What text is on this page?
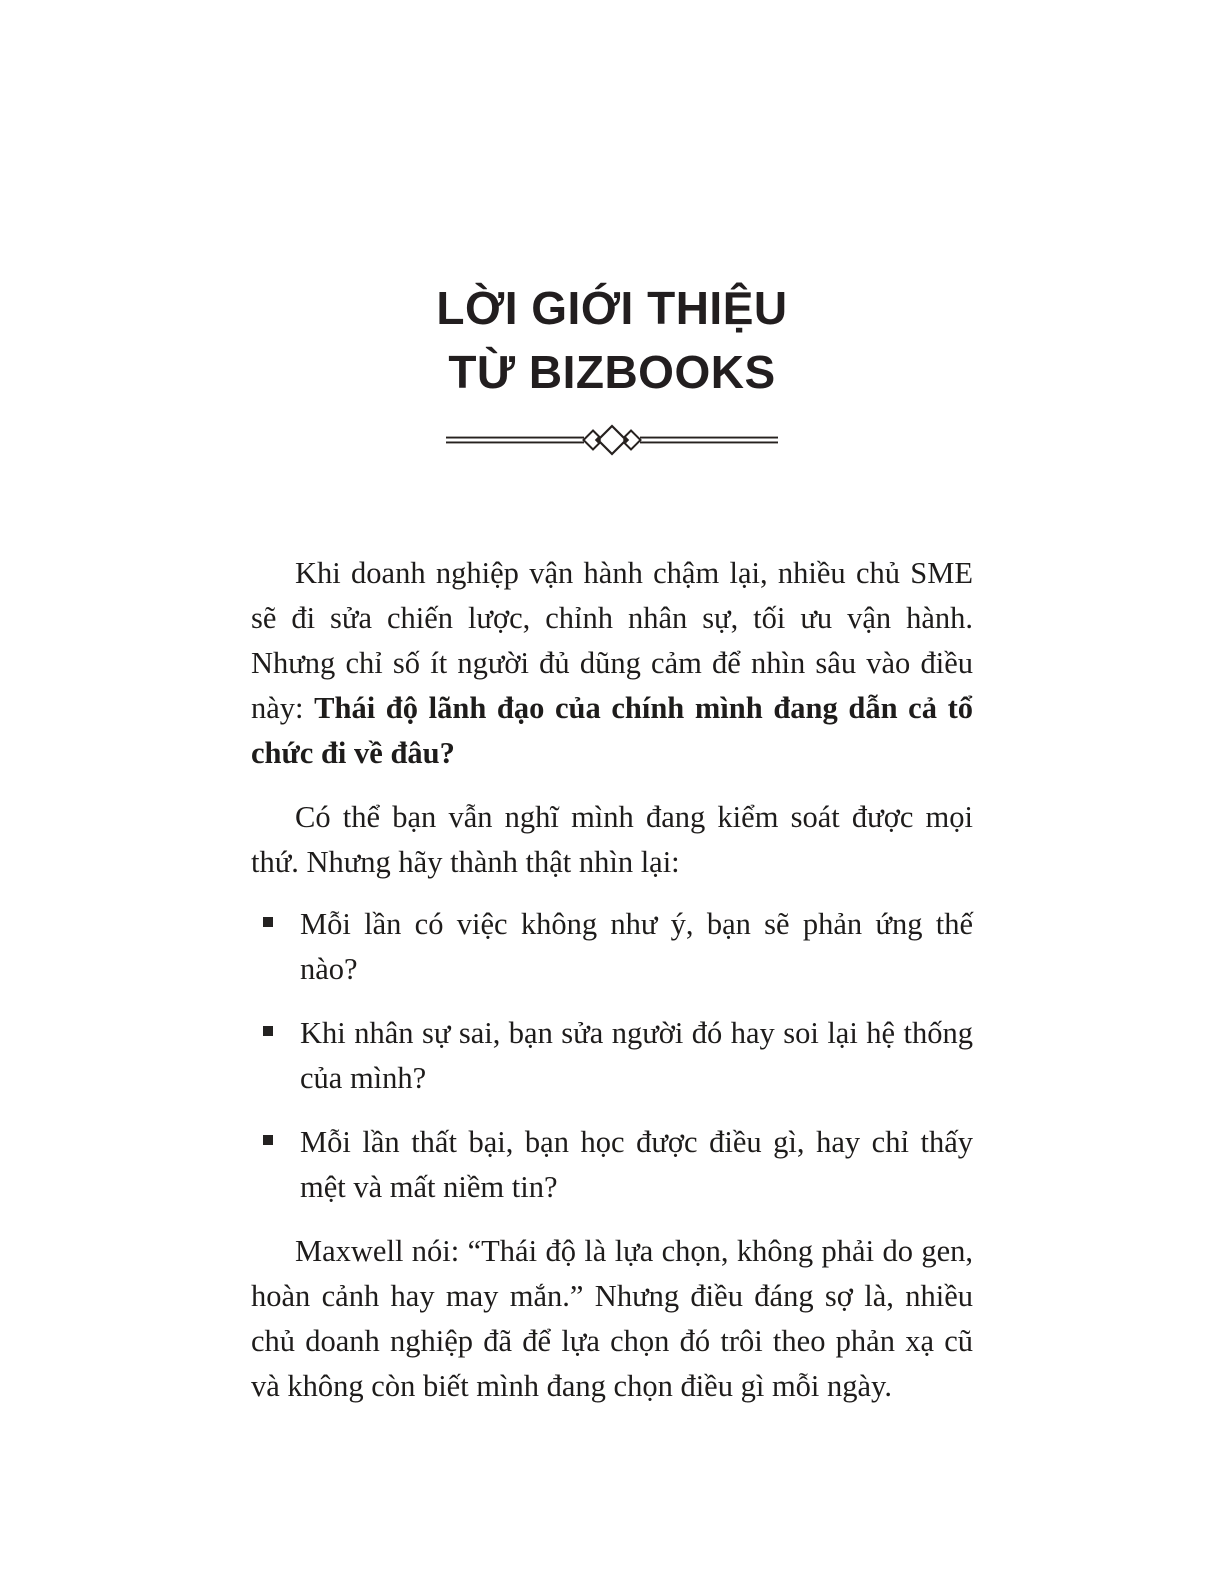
LỜI GIỚI THIỆU
TỪ BIZBOOKS

Khi doanh nghiệp vận hành chậm lại, nhiều chủ SME sẽ đi sửa chiến lược, chỉnh nhân sự, tối ưu vận hành. Nhưng chỉ số ít người đủ dũng cảm để nhìn sâu vào điều này: Thái độ lãnh đạo của chính mình đang dẫn cả tổ chức đi về đâu?

Có thể bạn vẫn nghĩ mình đang kiểm soát được mọi thứ. Nhưng hãy thành thật nhìn lại:

Mỗi lần có việc không như ý, bạn sẽ phản ứng thế nào?
Khi nhân sự sai, bạn sửa người đó hay soi lại hệ thống của mình?
Mỗi lần thất bại, bạn học được điều gì, hay chỉ thấy mệt và mất niềm tin?

Maxwell nói: “Thái độ là lựa chọn, không phải do gen, hoàn cảnh hay may mắn.” Nhưng điều đáng sợ là, nhiều chủ doanh nghiệp đã để lựa chọn đó trôi theo phản xạ cũ và không còn biết mình đang chọn điều gì mỗi ngày.
